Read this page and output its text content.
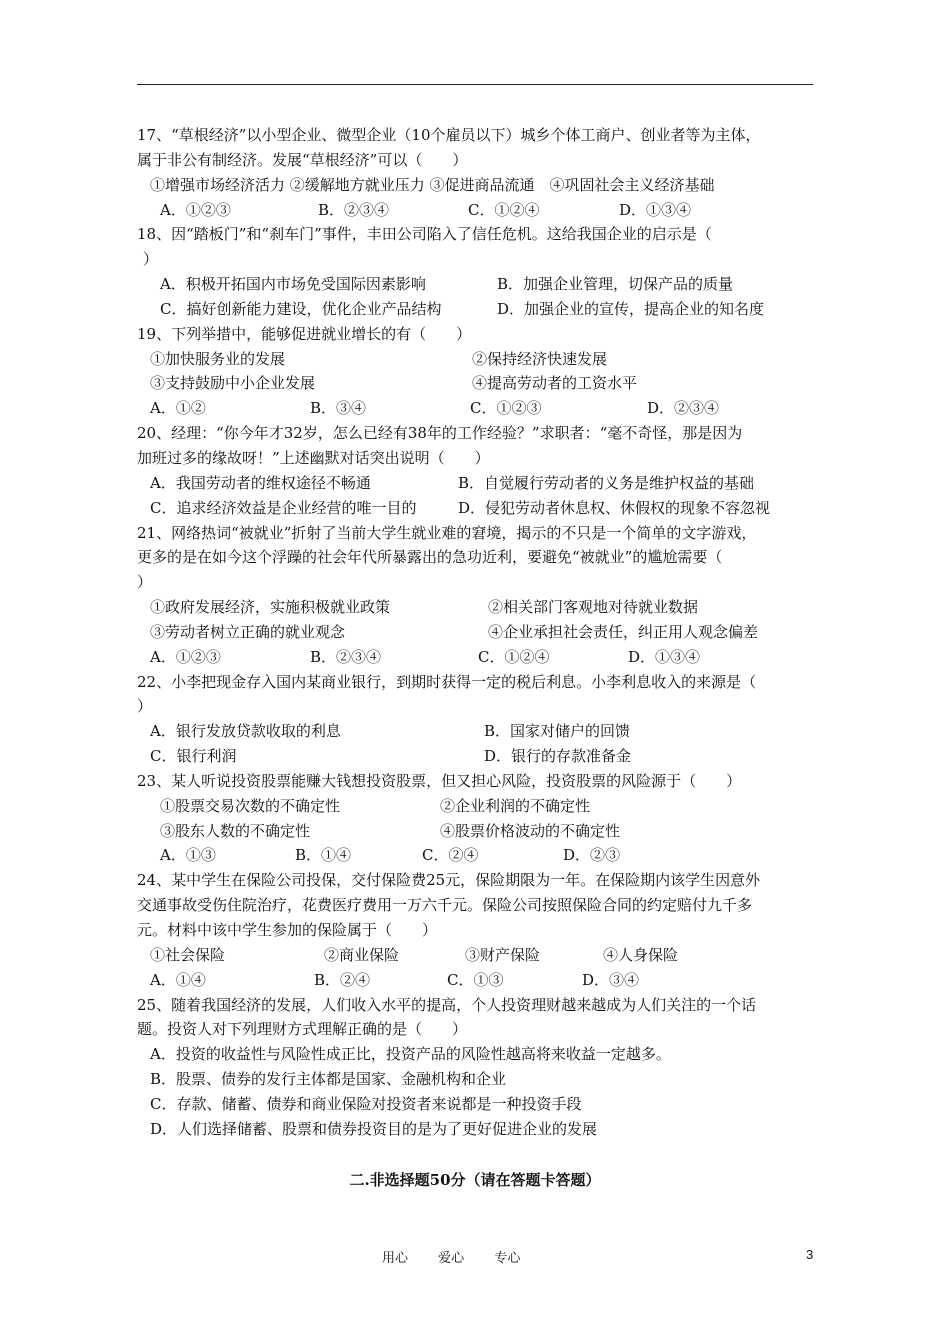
17、“草根经济”以小型企业、微型企业（10个雇员以下）城乡个体工商户、创业者等为主体，
属于非公有制经济。发展“草根经济”可以（　　）
①增强市场经济活力 ②缓解地方就业压力 ③促进商品流通　④巩固社会主义经济基础
A．①②③	B．②③④	C．①②④	D．①③④
18、因“踏板门”和“刹车门”事件，丰田公司陷入了信任危机。这给我国企业的启示是（
）
A．积极开拓国内市场免受国际因素影响	B．加强企业管理，切保产品的质量
C．搞好创新能力建设，优化企业产品结构	D．加强企业的宣传，提高企业的知名度
19、下列举措中，能够促进就业增长的有（　　）
①加快服务业的发展	②保持经济快速发展
③支持鼓励中小企业发展	④提高劳动者的工资水平
A．①②	B．③④	C．①②③	D．②③④
20、经理：“你今年才32岁，怎么已经有38年的工作经验？”求职者：“毫不奇怪，那是因为
加班过多的缘故呀！”上述幽默对话突出说明（　　）
A．我国劳动者的维权途径不畅通	B．自觉履行劳动者的义务是维护权益的基础
C．追求经济效益是企业经营的唯一目的	D．侵犯劳动者休息权、休假权的现象不容忽视
21、网络热词“被就业”折射了当前大学生就业难的窘境，揭示的不只是一个简单的文字游戏，
更多的是在如今这个浮躁的社会年代所暴露出的急功近利，要避免“被就业”的尴尬需要（
）
①政府发展经济，实施积极就业政策	②相关部门客观地对待就业数据
③劳动者树立正确的就业观念	④企业承担社会责任，纠正用人观念偏差
A．①②③	B．②③④	C．①②④	D．①③④
22、小李把现金存入国内某商业银行，到期时获得一定的税后利息。小李利息收入的来源是（
）
A．银行发放贷款收取的利息	B．国家对储户的回馈
C．银行利润	D．银行的存款准备金
23、某人听说投资股票能赚大钱想投资股票，但又担心风险，投资股票的风险源于（　　）
①股票交易次数的不确定性	②企业利润的不确定性
③股东人数的不确定性	④股票价格波动的不确定性
A．①③	B．①④	C．②④	D．②③
24、某中学生在保险公司投保，交付保险费25元，保险期限为一年。在保险期内该学生因意外
交通事故受伤住院治疗，花费医疗费用一万六千元。保险公司按照保险合同的约定赔付九千多
元。材料中该中学生参加的保险属于（　　）
①社会保险	②商业保险	③财产保险	④人身保险
A．①④	B．②④	C．①③	D．③④
25、随着我国经济的发展，人们收入水平的提高，个人投资理财越来越成为人们关注的一个话
题。投资人对下列理财方式理解正确的是（　　）
A．投资的收益性与风险性成正比，投资产品的风险性越高将来收益一定越多。
B．股票、债券的发行主体都是国家、金融机构和企业
C．存款、储蓄、债券和商业保险对投资者来说都是一种投资手段
D．人们选择储蓄、股票和债券投资目的是为了更好促进企业的发展
二.非选择题50分（请在答题卡答题）
用心 爱心 专心	3
